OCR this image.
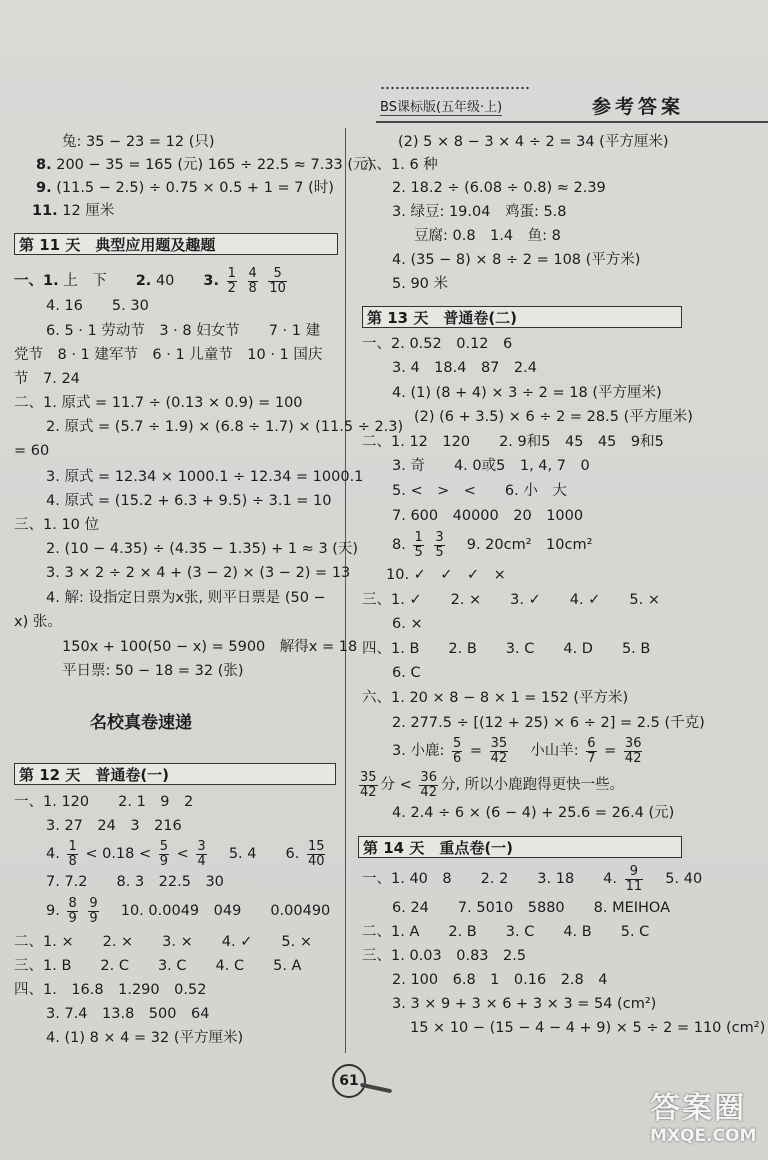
BS课标版(五年级·上)	参考答案
兔: 35 − 23 = 12 (只)
8. 200 − 35 = 165 (元) 165 ÷ 22.5 ≈ 7.33 (元)
9. (11.5 − 2.5) ÷ 0.75 × 0.5 + 1 = 7 (时)
11. 12 厘米
第 11 天　典型应用题及趣题
一、1. 上　下　　 2. 40　　 3. $\frac{1}{2}$
$\frac{4}{8}$
$\frac{5}{10}$
4. 16　　5. 30
6. 5 · 1 劳动节　3 · 8 妇女节　　7 · 1 建
党节　8 · 1 建军节　6 · 1 儿童节　10 · 1 国庆
节　7. 24
二、1. 原式 = 11.7 ÷ (0.13 × 0.9) = 100
2. 原式 = (5.7 ÷ 1.9) × (6.8 ÷ 1.7) × (11.5 ÷ 2.3)
= 60
3. 原式 = 12.34 × 1000.1 ÷ 12.34 = 1000.1
4. 原式 = (15.2 + 6.3 + 9.5) ÷ 3.1 = 10
三、1. 10 位
2. (10 − 4.35) ÷ (4.35 − 1.35) + 1 ≈ 3 (天)
3. 3 × 2 ÷ 2 × 4 + (3 − 2) × (3 − 2) = 13
4. 解: 设指定日票为x张, 则平日票是 (50 −
x) 张。
150x + 100(50 − x) = 5900　解得x = 18
平日票: 50 − 18 = 32 (张)
名校真卷速递
第 12 天　普通卷(一)
一、1. 120　　2. 1　9　2
3. 27　24　3　216
4. $\frac{1}{8} < 0.18 < \frac{5}{9} < \frac{3}{4}$
　 5. 4　　6. $\frac{15}{40}$
7. 7.2　　8. 3　22.5　30
9. $\frac{8}{9}$
$\frac{9}{9}$
　 10. 0.0049̇　049　　0.00490
二、1. ×　　2. ×　　3. ×　　4. ✓　　5. ×
三、1. B　　2. C　　3. C　　4. C　　5. A
四、1.　16.8　1.29̇0　0.52
3. 7.4　13.8　500　64
4. (1) 8 × 4 = 32 (平方厘米)
(2) 5 × 8 − 3 × 4 ÷ 2 = 34 (平方厘米)
六、1. 6 种
2. 18.2 ÷ (6.08 ÷ 0.8) ≈ 2.39
3. 绿豆: 19.04　鸡蛋: 5.8
豆腐: 0.8　1.4　鱼: 8
4. (35 − 8) × 8 ÷ 2 = 108 (平方米)
5. 90 米
第 13 天　普通卷(二)
一、2. 0.52　0.12　6
3. 4　18.4　87　2.4
4. (1) (8 + 4) × 3 ÷ 2 = 18 (平方厘米)
(2) (6 + 3.5) × 6 ÷ 2 = 28.5 (平方厘米)
二、1. 12　120　　2. 9和5　45　45　9和5
3. 奇　　4. 0或5　1, 4, 7　0
5. <　>　<　　6. 小　大
7. 600　40000　20　1000
8. $\frac{1}{5}$
$\frac{3}{5}$
　 9. 20cm²　10cm²
10. ✓　✓　✓　×
三、1. ✓　　2. ×　　3. ✓　　4. ✓　　5. ×
6. ×
四、1. B　　2. B　　3. C　　4. D　　5. B
6. C
六、1. 20 × 8 − 8 × 1 = 152 (平方米)
2. 277.5 ÷ [(12 + 25) × 6 ÷ 2] = 2.5 (千克)
3. 小鹿: $\frac{5}{6} = \frac{35}{42}$
　 小山羊: $\frac{6}{7} = \frac{36}{42}$
$\frac{35}{42}$ 分 < $\frac{36}{42}$ 分, 所以小鹿跑得更快一些。
4. 2.4 ÷ 6 × (6 − 4) + 25.6 = 26.4 (元)
第 14 天　重点卷(一)
一、1. 40　8　　2. 2　　3. 18　　4. $\frac{9}{11}$
　 5. 40
6. 24　　7. 5010　5880　　8. MEIHOA
二、1. A　　2. B　　3. C　　4. B　　5. C
三、1. 0.03　0.83　2.5
2. 100　6.8　1　0.16　2.8　4
3. 3 × 9 + 3 × 6 + 3 × 3 = 54 (cm²)
15 × 10 − (15 − 4 − 4 + 9) × 5 ÷ 2 = 110 (cm²)
61
答案圈
MXQE.COM
